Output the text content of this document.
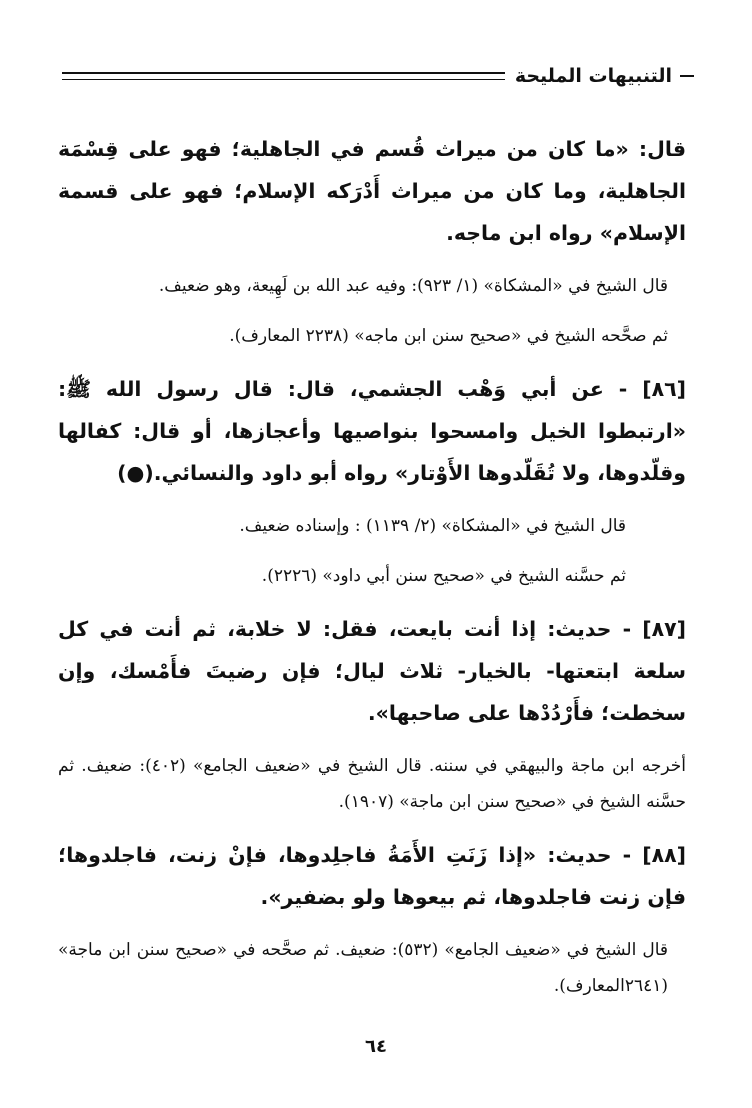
التنبيهات المليحة

قال: «ما كان من ميراث قُسم في الجاهلية؛ فهو على قِسْمَة الجاهلية، وما كان من ميراث أَدْرَكه الإسلام؛ فهو على قسمة الإسلام» رواه ابن ماجه.

قال الشيخ في «المشكاة» (١/ ٩٢٣): وفيه عبد الله بن لَهِيعة، وهو ضعيف.

ثم صحَّحه الشيخ في «صحيح سنن ابن ماجه» (٢٢٣٨ المعارف).

[٨٦] - عن أبي وَهْب الجشمي، قال: قال رسول الله ﷺ: «ارتبطوا الخيل وامسحوا بنواصيها وأعجازها، أو قال: كفالها وقلّدوها، ولا تُقَلّدوها الأَوْتار» رواه أبو داود والنسائي.(●)

قال الشيخ في «المشكاة» (٢/ ١١٣٩) : وإسناده ضعيف.

ثم حسَّنه الشيخ في «صحيح سنن أبي داود» (٢٢٢٦).

[٨٧] - حديث: إذا أنت بايعت، فقل: لا خلابة، ثم أنت في كل سلعة ابتعتها- بالخيار- ثلاث ليال؛ فإن رضيتَ فأَمْسك، وإن سخطت؛ فأَرْدُدْها على صاحبها».

أخرجه ابن ماجة والبيهقي في سننه. قال الشيخ في «ضعيف الجامع» (٤٠٢): ضعيف. ثم حسَّنه الشيخ في «صحيح سنن ابن ماجة» (١٩٠٧).

[٨٨] - حديث: «إذا زَنَتِ الأَمَةُ فاجلِدوها، فإنْ زنت، فاجلدوها؛ فإن زنت فاجلدوها، ثم بيعوها ولو بضفير».

قال الشيخ في «ضعيف الجامع» (٥٣٢): ضعيف. ثم صحَّحه في «صحيح سنن ابن ماجة» (٢٦٤١المعارف).

٦٤
